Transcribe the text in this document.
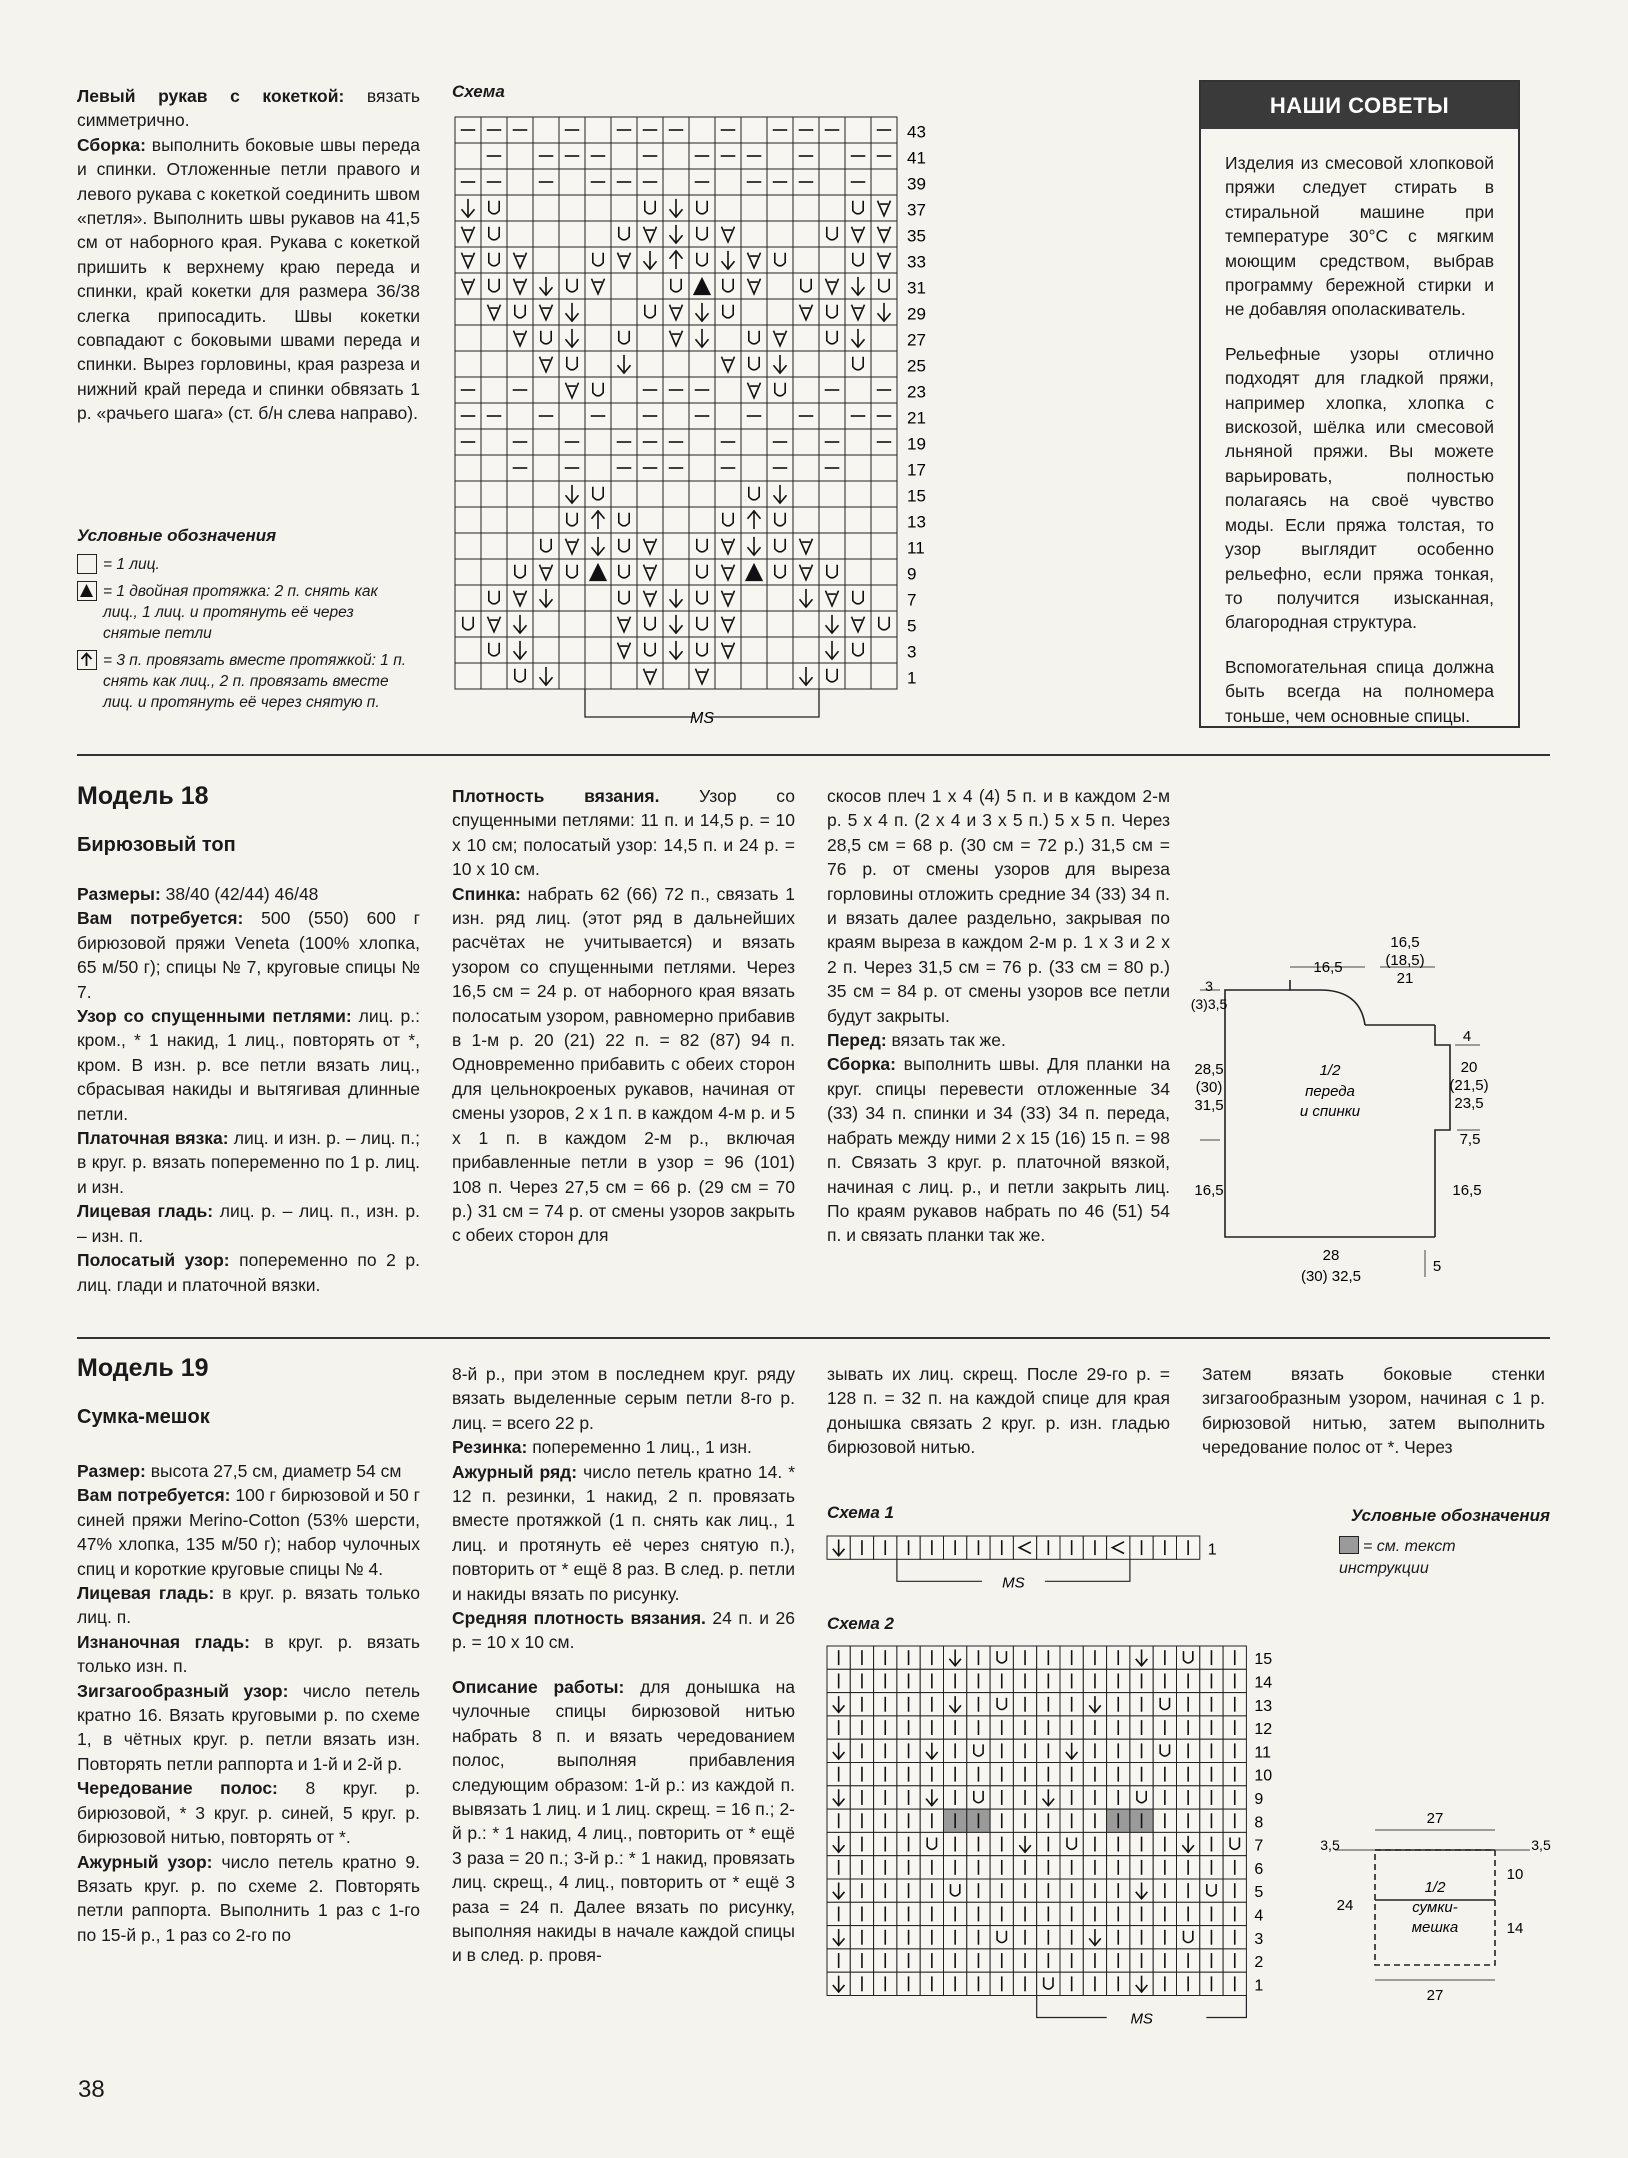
Левый рукав с кокеткой: вязать симметрично.

Сборка: выполнить боковые швы переда и спинки. Отложенные петли правого и левого рукава с кокеткой соединить швом «петля». Выполнить швы рукавов на 41,5 см от наборного края. Рукава с кокеткой пришить к верхнему краю переда и спинки, край кокетки для размера 36/38 слегка припосадить. Швы кокетки совпадают с боковыми швами переда и спинки. Вырез горловины, края разреза и нижний край переда и спинки обвязать 1 р. «рачьего шага» (ст. б/н слева направо).

Условные обозначения
= 1 лиц.
= 1 двойная протяжка: 2 п. снять как лиц., 1 лиц. и протянуть её через снятые петли
= 3 п. провязать вместе протяжкой: 1 п. снять как лиц., 2 п. провязать вместе лиц. и протянуть её через снятую п.
Схема
43
41
39
37
35
33
31
29
27
25
23
21
19
17
15
13
11
9
7
5
3
1
MS
НАШИ СОВЕТЫ

Изделия из смесовой хлопковой пряжи следует стирать в стиральной машине при температуре 30°C с мягким моющим средством, выбрав программу бережной стирки и не добавляя ополаскиватель.

Рельефные узоры отлично подходят для гладкой пряжи, например хлопка, хлопка с вискозой, шёлка или смесовой льняной пряжи. Вы можете варьировать, полностью полагаясь на своё чувство моды. Если пряжа толстая, то узор выглядит особенно рельефно, если пряжа тонкая, то получится изысканная, благородная структура.

Вспомогательная спица должна быть всегда на полномера тоньше, чем основные спицы.

Модель 18
Бирюзовый топ

Размеры: 38/40 (42/44) 46/48

Вам потребуется: 500 (550) 600 г бирюзовой пряжи Veneta (100% хлопка, 65 м/50 г); спицы № 7, круговые спицы № 7.

Узор со спущенными петлями: лиц. р.: кром., * 1 накид, 1 лиц., повторять от *, кром. В изн. р. все петли вязать лиц., сбрасывая накиды и вытягивая длинные петли.

Платочная вязка: лиц. и изн. р. – лиц. п.; в круг. р. вязать попеременно по 1 р. лиц. и изн.

Лицевая гладь: лиц. р. – лиц. п., изн. р. – изн. п.

Полосатый узор: попеременно по 2 р. лиц. глади и платочной вязки.

Плотность вязания. Узор со спущенными петлями: 11 п. и 14,5 р. = 10 x 10 см; полосатый узор: 14,5 п. и 24 р. = 10 x 10 см.

Спинка: набрать 62 (66) 72 п., связать 1 изн. ряд лиц. (этот ряд в дальнейших расчётах не учитывается) и вязать узором со спущенными петлями. Через 16,5 см = 24 р. от наборного края вязать полосатым узором, равномерно прибавив в 1-м р. 20 (21) 22 п. = 82 (87) 94 п. Одновременно прибавить с обеих сторон для цельнокроеных рукавов, начиная от смены узоров, 2 x 1 п. в каждом 4-м р. и 5 x 1 п. в каждом 2-м р., включая прибавленные петли в узор = 96 (101) 108 п. Через 27,5 см = 66 р. (29 см = 70 р.) 31 см = 74 р. от смены узоров закрыть с обеих сторон для

скосов плеч 1 x 4 (4) 5 п. и в каждом 2-м р. 5 x 4 п. (2 x 4 и 3 x 5 п.) 5 x 5 п. Через 28,5 см = 68 р. (30 см = 72 р.) 31,5 см = 76 р. от смены узоров для выреза горловины отложить средние 34 (33) 34 п. и вязать далее раздельно, закрывая по краям выреза в каждом 2-м р. 1 x 3 и 2 x 2 п. Через 31,5 см = 76 р. (33 см = 80 р.) 35 см = 84 р. от смены узоров все петли будут закрыты.

Перед: вязать так же.

Сборка: выполнить швы. Для планки на круг. спицы перевести отложенные 34 (33) 34 п. спинки и 34 (33) 34 п. переда, набрать между ними 2 x 15 (16) 15 п. = 98 п. Связать 3 круг. р. платочной вязкой, начиная с лиц. р., и петли закрыть лиц. По краям рукавов набрать по 46 (51) 54 п. и связать планки так же.

16,5
16,5
(18,5)
21
3
(3)3,5
4
20
(21,5)
23,5
28,5
(30)
31,5
1/2
переда
и спинки
7,5
16,5	16,5
28
(30) 32,5
5
Модель 19
Сумка-мешок

Размер: высота 27,5 см, диаметр 54 см

Вам потребуется: 100 г бирюзовой и 50 г синей пряжи Merino-Cotton (53% шерсти, 47% хлопка, 135 м/50 г); набор чулочных спиц и короткие круговые спицы № 4.

Лицевая гладь: в круг. р. вязать только лиц. п.

Изнаночная гладь: в круг. р. вязать только изн. п.

Зигзагообразный узор: число петель кратно 16. Вязать круговыми р. по схеме 1, в чётных круг. р. петли вязать изн. Повторять петли раппорта и 1-й и 2-й р.

Чередование полос: 8 круг. р. бирюзовой, * 3 круг. р. синей, 5 круг. р. бирюзовой нитью, повторять от *.

Ажурный узор: число петель кратно 9. Вязать круг. р. по схеме 2. Повторять петли раппорта. Выполнить 1 раз с 1-го по 15-й р., 1 раз со 2-го по

8-й р., при этом в последнем круг. ряду вязать выделенные серым петли 8-го р. лиц. = всего 22 р.

Резинка: попеременно 1 лиц., 1 изн.

Ажурный ряд: число петель кратно 14. * 12 п. резинки, 1 накид, 2 п. провязать вместе протяжкой (1 п. снять как лиц., 1 лиц. и протянуть её через снятую п.), повторить от * ещё 8 раз. В след. р. петли и накиды вязать по рисунку.

Средняя плотность вязания. 24 п. и 26 р. = 10 x 10 см.

Описание работы: для донышка на чулочные спицы бирюзовой нитью набрать 8 п. и вязать чередованием полос, выполняя прибавления следующим образом: 1-й р.: из каждой п. вывязать 1 лиц. и 1 лиц. скрещ. = 16 п.; 2-й р.: * 1 накид, 4 лиц., повторить от * ещё 3 раза = 20 п.; 3-й р.: * 1 накид, провязать лиц. скрещ., 4 лиц., повторить от * ещё 3 раза = 24 п. Далее вязать по рисунку, выполняя накиды в начале каждой спицы и в след. р. провя-

зывать их лиц. скрещ. После 29-го р. = 128 п. = 32 п. на каждой спице для края донышка связать 2 круг. р. изн. гладью бирюзовой нитью.
Затем вязать боковые стенки зигзагообразным узором, начиная с 1 р. бирюзовой нитью, затем выполнить чередование полос от *. Через
Схема 1
1
MS
Схема 2
15
14
13
12
11
10
9
8
7
6
5
4
3
2
1
MS
Условные обозначения
= см. текст инструкции
27
3,5	3,5
10
24
1/2
сумки-
мешка	14
27
38
